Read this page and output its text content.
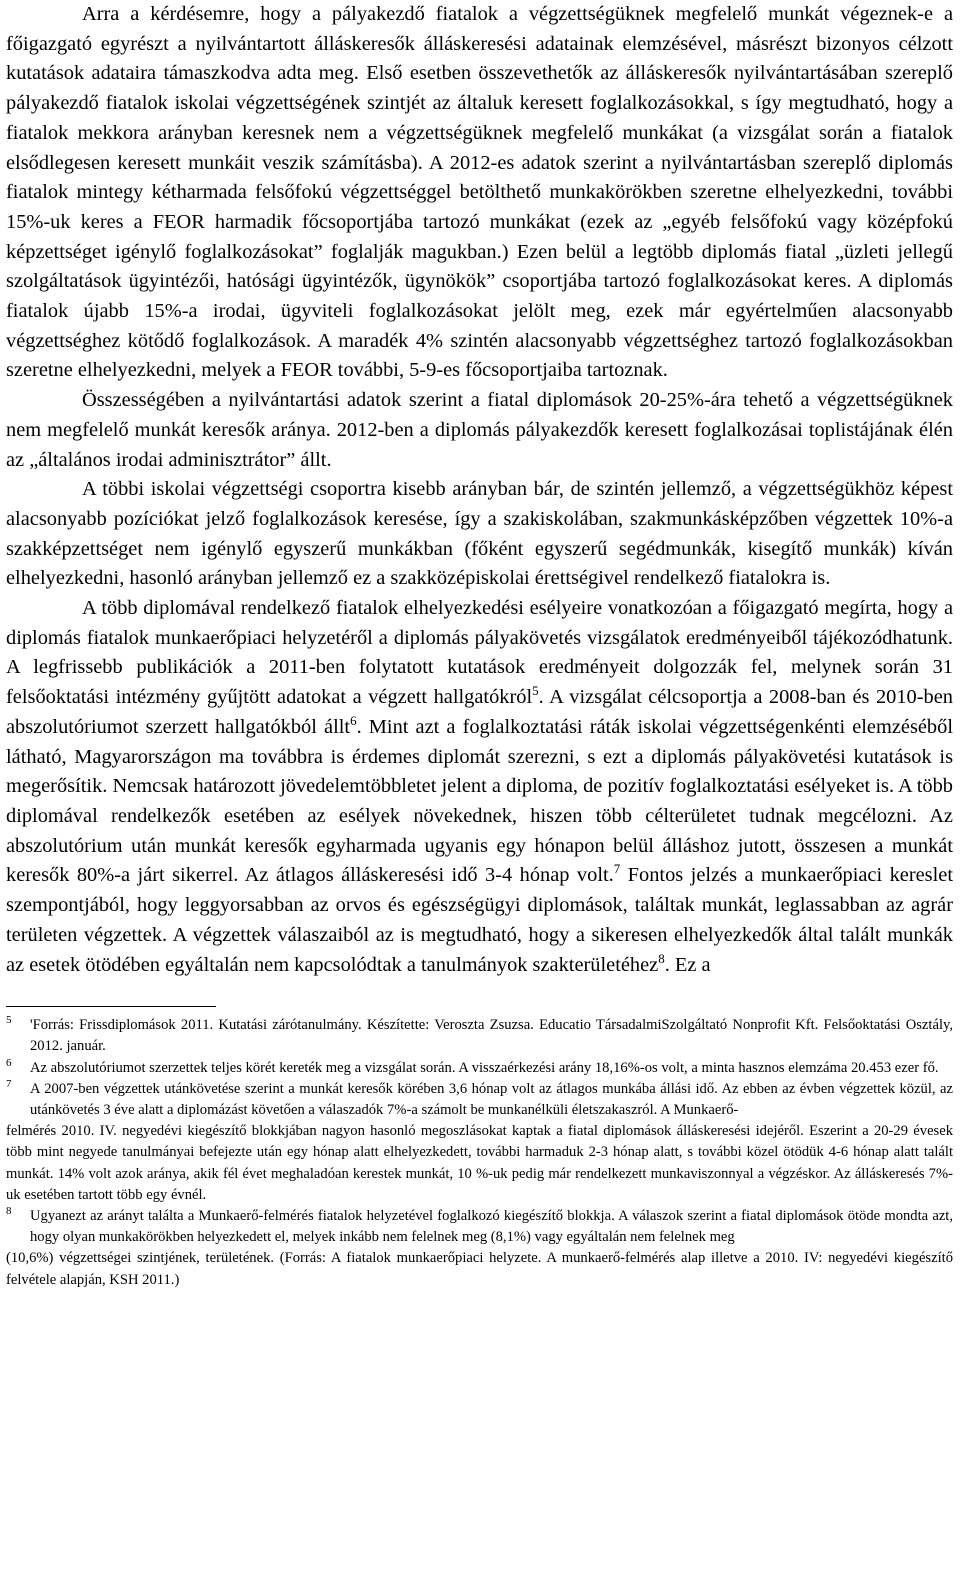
Arra a kérdésemre, hogy a pályakezdő fiatalok a végzettségüknek megfelelő munkát végeznek-e a főigazgató egyrészt a nyilvántartott álláskeresők álláskeresési adatainak elemzésével, másrészt bizonyos célzott kutatások adataira támaszkodva adta meg. Első esetben összevethetők az álláskeresők nyilvántartásában szereplő pályakezdő fiatalok iskolai végzettségének szintjét az általuk keresett foglalkozásokkal, s így megtudható, hogy a fiatalok mekkora arányban keresnek nem a végzettségüknek megfelelő munkákat (a vizsgálat során a fiatalok elsődlegesen keresett munkáit veszik számításba). A 2012-es adatok szerint a nyilvántartásban szereplő diplomás fiatalok mintegy kétharmada felsőfokú végzettséggel betölthető munkakörökben szeretne elhelyezkedni, további 15%-uk keres a FEOR harmadik főcsoportjába tartozó munkákat (ezek az „egyéb felsőfokú vagy középfokú képzettséget igénylő foglalkozásokat” foglalják magukban.) Ezen belül a legtöbb diplomás fiatal „üzleti jellegű szolgáltatások ügyintézői, hatósági ügyintézők, ügynökök” csoportjába tartozó foglalkozásokat keres. A diplomás fiatalok újabb 15%-a irodai, ügyviteli foglalkozásokat jelölt meg, ezek már egyértelműen alacsonyabb végzettséghez kötődő foglalkozások. A maradék 4% szintén alacsonyabb végzettséghez tartozó foglalkozásokban szeretne elhelyezkedni, melyek a FEOR további, 5-9-es főcsoportjaiba tartoznak.

Összességében a nyilvántartási adatok szerint a fiatal diplomások 20-25%-ára tehető a végzettségüknek nem megfelelő munkát keresők aránya. 2012-ben a diplomás pályakezdők keresett foglalkozásai toplistájának élén az „általános irodai adminisztrátor” állt.

A többi iskolai végzettségi csoportra kisebb arányban bár, de szintén jellemző, a végzettségükhöz képest alacsonyabb pozíciókat jelző foglalkozások keresése, így a szakiskolában, szakmunkásképzőben végzettek 10%-a szakképzettséget nem igénylő egyszerű munkákban (főként egyszerű segédmunkák, kisegítő munkák) kíván elhelyezkedni, hasonló arányban jellemző ez a szakközépiskolai érettségivel rendelkező fiatalokra is.

A több diplomával rendelkező fiatalok elhelyezkedési esélyeire vonatkozóan a főigazgató megírta, hogy a diplomás fiatalok munkaerőpiaci helyzetéről a diplomás pályakövetés vizsgálatok eredményeiből tájékozódhatunk. A legfrissebb publikációk a 2011-ben folytatott kutatások eredményeit dolgozzák fel, melynek során 31 felsőoktatási intézmény gyűjtött adatokat a végzett hallgatókról$^5$. A vizsgálat célcsoportja a 2008-ban és 2010-ben abszolutóriumot szerzett hallgatókból állt$^6$. Mint azt a foglalkoztatási ráták iskolai végzettségenkénti elemzéséből látható, Magyarországon ma továbbra is érdemes diplomát szerezni, s ezt a diplomás pályakövetési kutatások is megerősítik. Nemcsak határozott jövedelemtöbbletet jelent a diploma, de pozitív foglalkoztatási esélyeket is. A több diplomával rendelkezők esetében az esélyek növekednek, hiszen több célterületet tudnak megcélozni. Az abszolutórium után munkát keresők egyharmada ugyanis egy hónapon belül álláshoz jutott, összesen a munkát keresők 80%-a járt sikerrel. Az átlagos álláskeresési idő 3-4 hónap volt.$^7$ Fontos jelzés a munkaerőpiaci kereslet szempontjából, hogy leggyorsabban az orvos és egészségügyi diplomások, találtak munkát, leglassabban az agrár területen végzettek. A végzettek válaszaiból az is megtudható, hogy a sikeresen elhelyezkedők által talált munkák az esetek ötödében egyáltalán nem kapcsolódtak a tanulmányok szakterületéhez$^8$. Ez a

5 'Forrás: Frissdiplomások 2011. Kutatási zárótanulmány. Készítette: Veroszta Zsuzsa. Educatio TársadalmiSzolgáltató Nonprofit Kft. Felsőoktatási Osztály, 2012. január.
6 Az abszolutóriumot szerzettek teljes körét kereték meg a vizsgálat során. A visszaérkezési arány 18,16%-os volt, a minta hasznos elemzáma 20.453 ezer fő.
7 A 2007-ben végzettek utánkövetése szerint a munkát keresők körében 3,6 hónap volt az átlagos munkába állási idő. Az ebben az évben végzettek közül, az utánkövetés 3 éve alatt a diplomázást követően a válaszadók 7%-a számolt be munkanélküli életszakaszról. A Munkaerő-

felmérés 2010. IV. negyedévi kiegészítő blokkjában nagyon hasonló megoszlásokat kaptak a fiatal diplomások álláskeresési idejéről. Eszerint a 20-29 évesek több mint negyede tanulmányai befejezte után egy hónap alatt elhelyezkedett, további harmaduk 2-3 hónap alatt, s további közel ötödük 4-6 hónap alatt talált munkát. 14% volt azok aránya, akik fél évet meghaladóan kerestek munkát, 10 %-uk pedig már rendelkezett munkaviszonnyal a végzéskor. Az álláskeresés 7%-uk esetében tartott több egy évnél.

8 Ugyanezt az arányt találta a Munkaerő-felmérés fiatalok helyzetével foglalkozó kiegészítő blokkja. A válaszok szerint a fiatal diplomások ötöde mondta azt, hogy olyan munkakörökben helyezkedett el, melyek inkább nem felelnek meg (8,1%) vagy egyáltalán nem felelnek meg

(10,6%) végzettségei szintjének, területének. (Forrás: A fiatalok munkaerőpiaci helyzete. A munkaerő-felmérés alap illetve a 2010. IV: negyedévi kiegészítő felvétele alapján, KSH 2011.)
